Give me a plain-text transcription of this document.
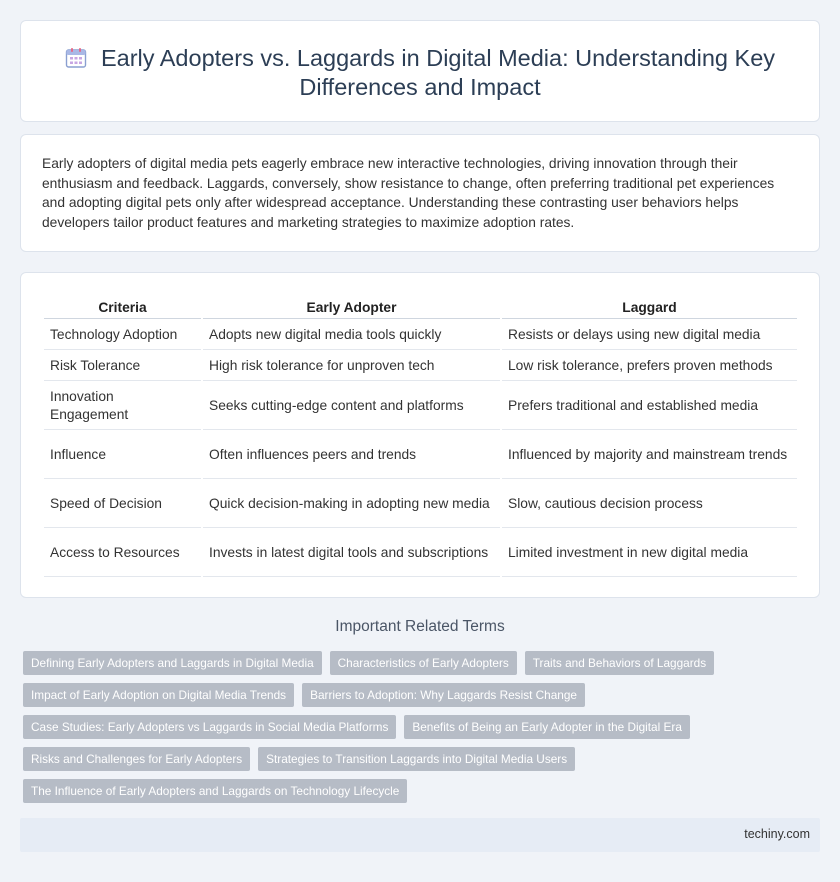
Early Adopters vs. Laggards in Digital Media: Understanding Key Differences and Impact

Early adopters of digital media pets eagerly embrace new interactive technologies, driving innovation through their enthusiasm and feedback. Laggards, conversely, show resistance to change, often preferring traditional pet experiences and adopting digital pets only after widespread acceptance. Understanding these contrasting user behaviors helps developers tailor product features and marketing strategies to maximize adoption rates.

Criteria	Early Adopter	Laggard
Technology Adoption	Adopts new digital media tools quickly	Resists or delays using new digital media
Risk Tolerance	High risk tolerance for unproven tech	Low risk tolerance, prefers proven methods
Innovation Engagement	Seeks cutting-edge content and platforms	Prefers traditional and established media
Influence	Often influences peers and trends	Influenced by majority and mainstream trends
Speed of Decision	Quick decision-making in adopting new media	Slow, cautious decision process
Access to Resources	Invests in latest digital tools and subscriptions	Limited investment in new digital media
Important Related Terms
Defining Early Adopters and Laggards in Digital Media	Characteristics of Early Adopters	Traits and Behaviors of Laggards
Impact of Early Adoption on Digital Media Trends	Barriers to Adoption: Why Laggards Resist Change
Case Studies: Early Adopters vs Laggards in Social Media Platforms	Benefits of Being an Early Adopter in the Digital Era
Risks and Challenges for Early Adopters	Strategies to Transition Laggards into Digital Media Users
The Influence of Early Adopters and Laggards on Technology Lifecycle
techiny.com
